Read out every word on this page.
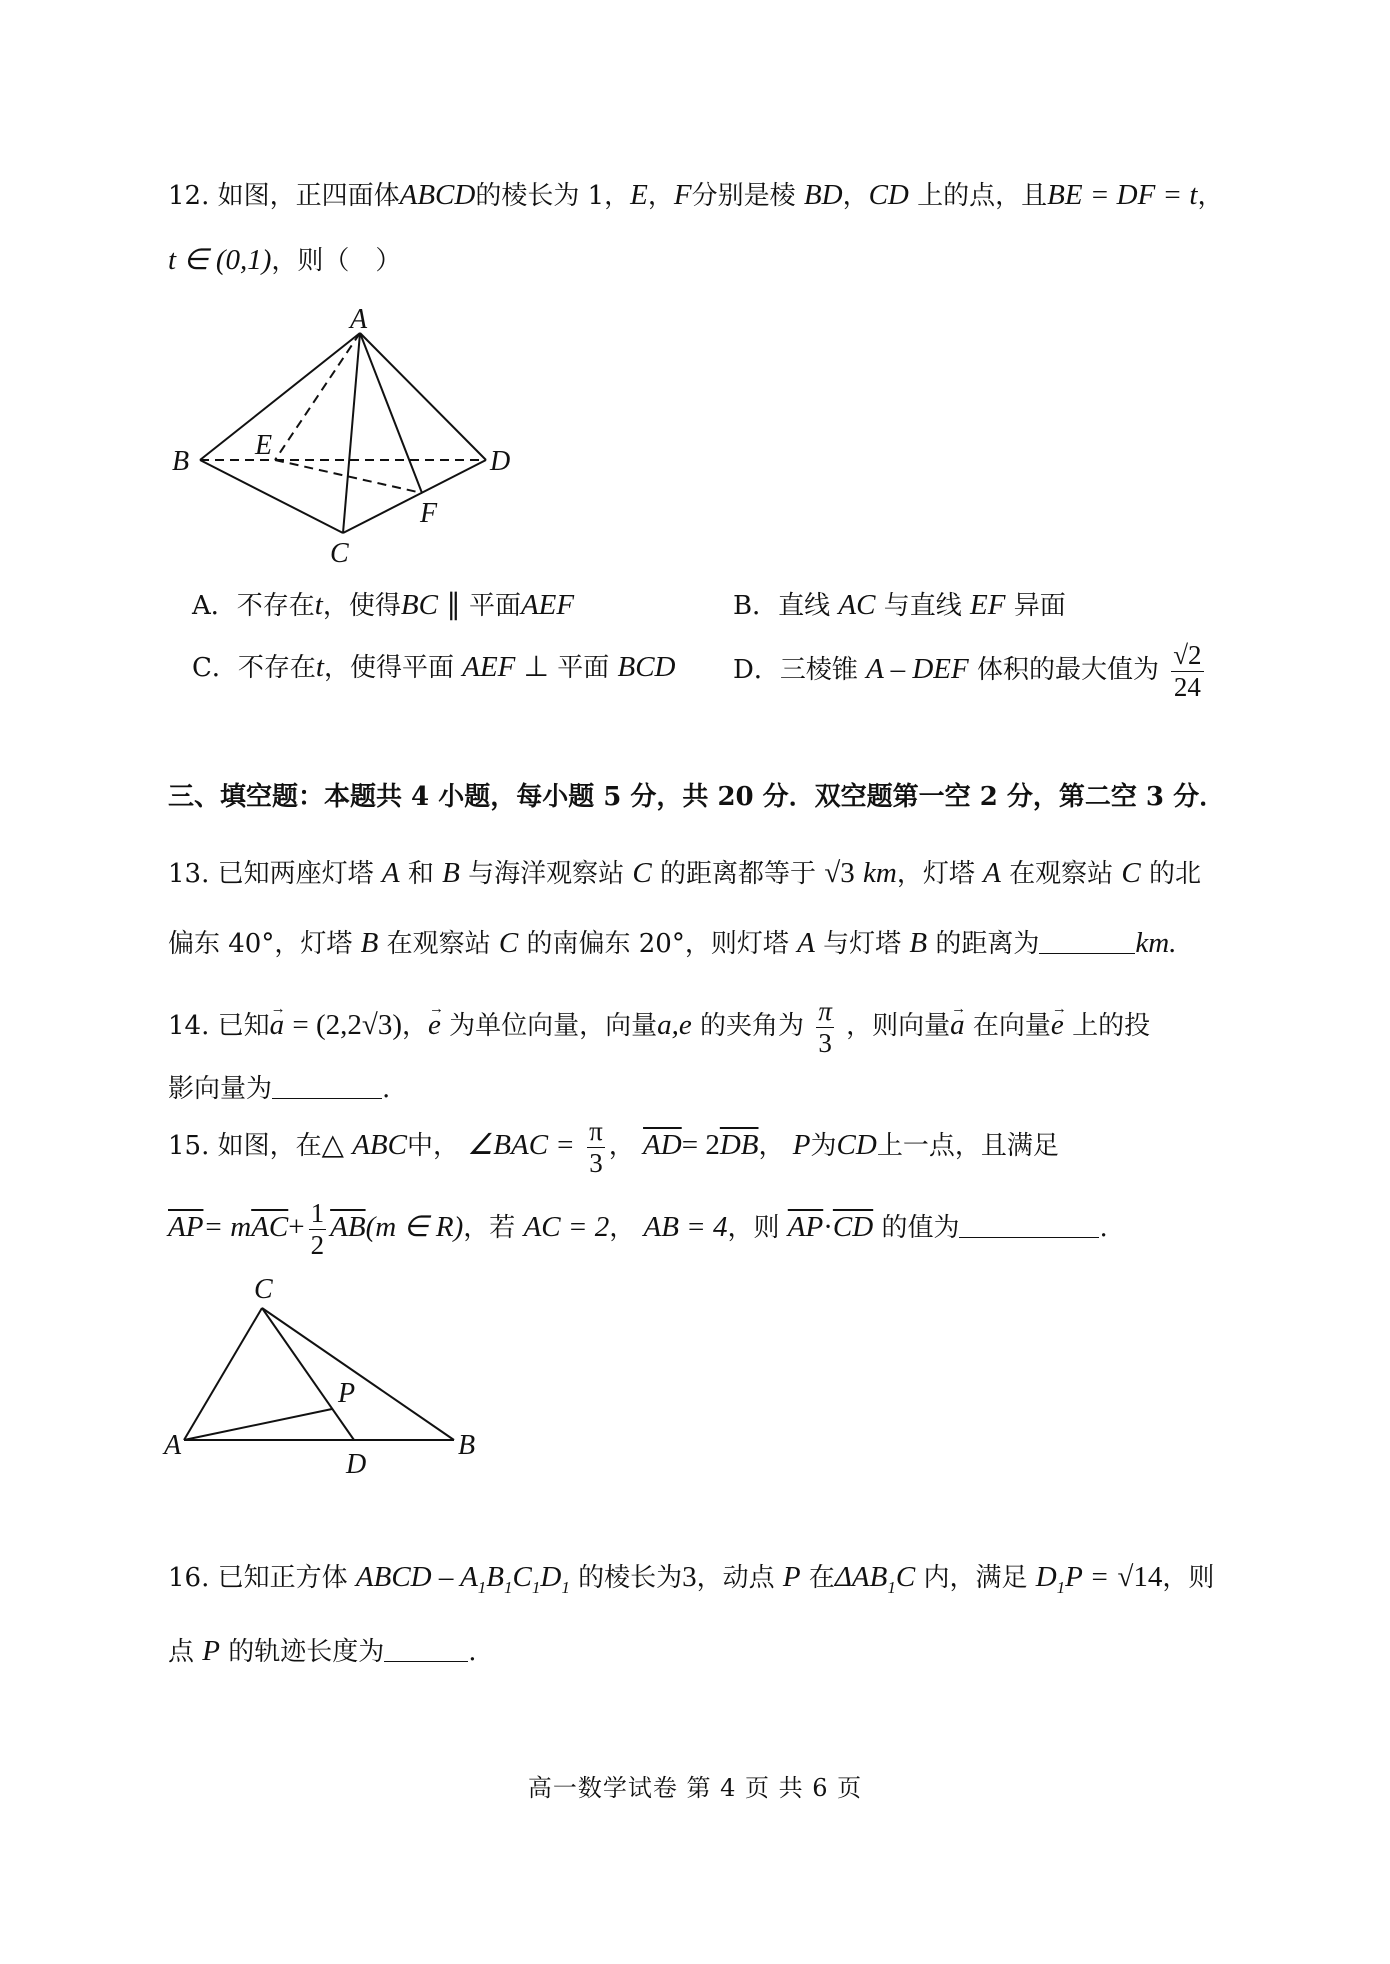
12. 如图，正四面体ABCD的棱长为 1，E，F分别是棱 BD，CD 上的点，且BE = DF = t，
t ∈ (0,1)，则（　）
A
B
C
D
E
F
A．不存在t，使得BC ∥ 平面AEF	B．直线 AC 与直线 EF 异面
C．不存在t，使得平面 AEF ⊥ 平面 BCD D．三棱锥 A – DEF 体积的最大值为 $\frac{√2}{24}$
三、填空题：本题共 4 小题，每小题 5 分，共 20 分．双空题第一空 2 分，第二空 3 分．
13. 已知两座灯塔 A 和 B 与海洋观察站 C 的距离都等于 √3 km，灯塔 A 在观察站 C 的北
偏东 40°，灯塔 B 在观察站 C 的南偏东 20°，则灯塔 A 与灯塔 B 的距离为	km.
14. 已知→ a = (2,2√3)，→ e 为单位向量，向量a,e 的夹角为 $\frac{\pi}{3}$ ，则向量→ a 在向量→ e 上的投
影向量为	.
15. 如图，在△ ABC中， ∠BAC = $\frac{\pi}{3}$ ， $\overline{AD}= 2\overline{DB}$， P为CD上一点，且满足
$\overline{AP}= m\overline{AC}+ \frac{1}{2} \overline{AB}(m$ ∈ R)，若 AC = 2， AB = 4，则 $\overline{AP}\cdot\overline{CD}$ 的值为	.
C
P
A
D
B
16. 已知正方体 ABCD – $A_1B_1C_1D_1$ 的棱长为3，动点 P 在$\Delta AB_1C$ 内，满足 $D_1P = √14$，则
点 P 的轨迹长度为	.
高一数学试卷 第 4 页 共 6 页
